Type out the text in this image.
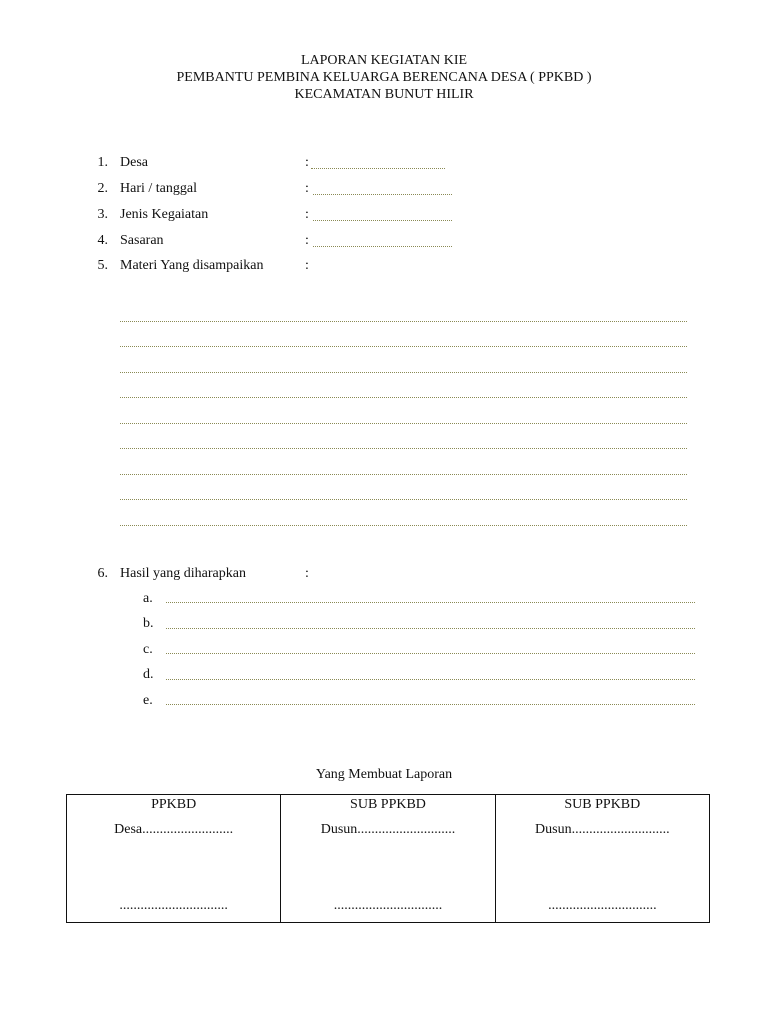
LAPORAN KEGIATAN KIE
PEMBANTU PEMBINA KELUARGA BERENCANA DESA ( PPKBD )
KECAMATAN BUNUT HILIR
1. Desa	:
2. Hari / tanggal	:
3. Jenis Kegaiatan	:
4. Sasaran	:
5. Materi Yang disampaikan	:
6. Hasil yang diharapkan	:
a.
b.
c.
d.
e.
Yang Membuat Laporan
PPKBD
Desa..........................
...............................

SUB PPKBD
Dusun............................
...............................

SUB PPKBD
Dusun............................
...............................
